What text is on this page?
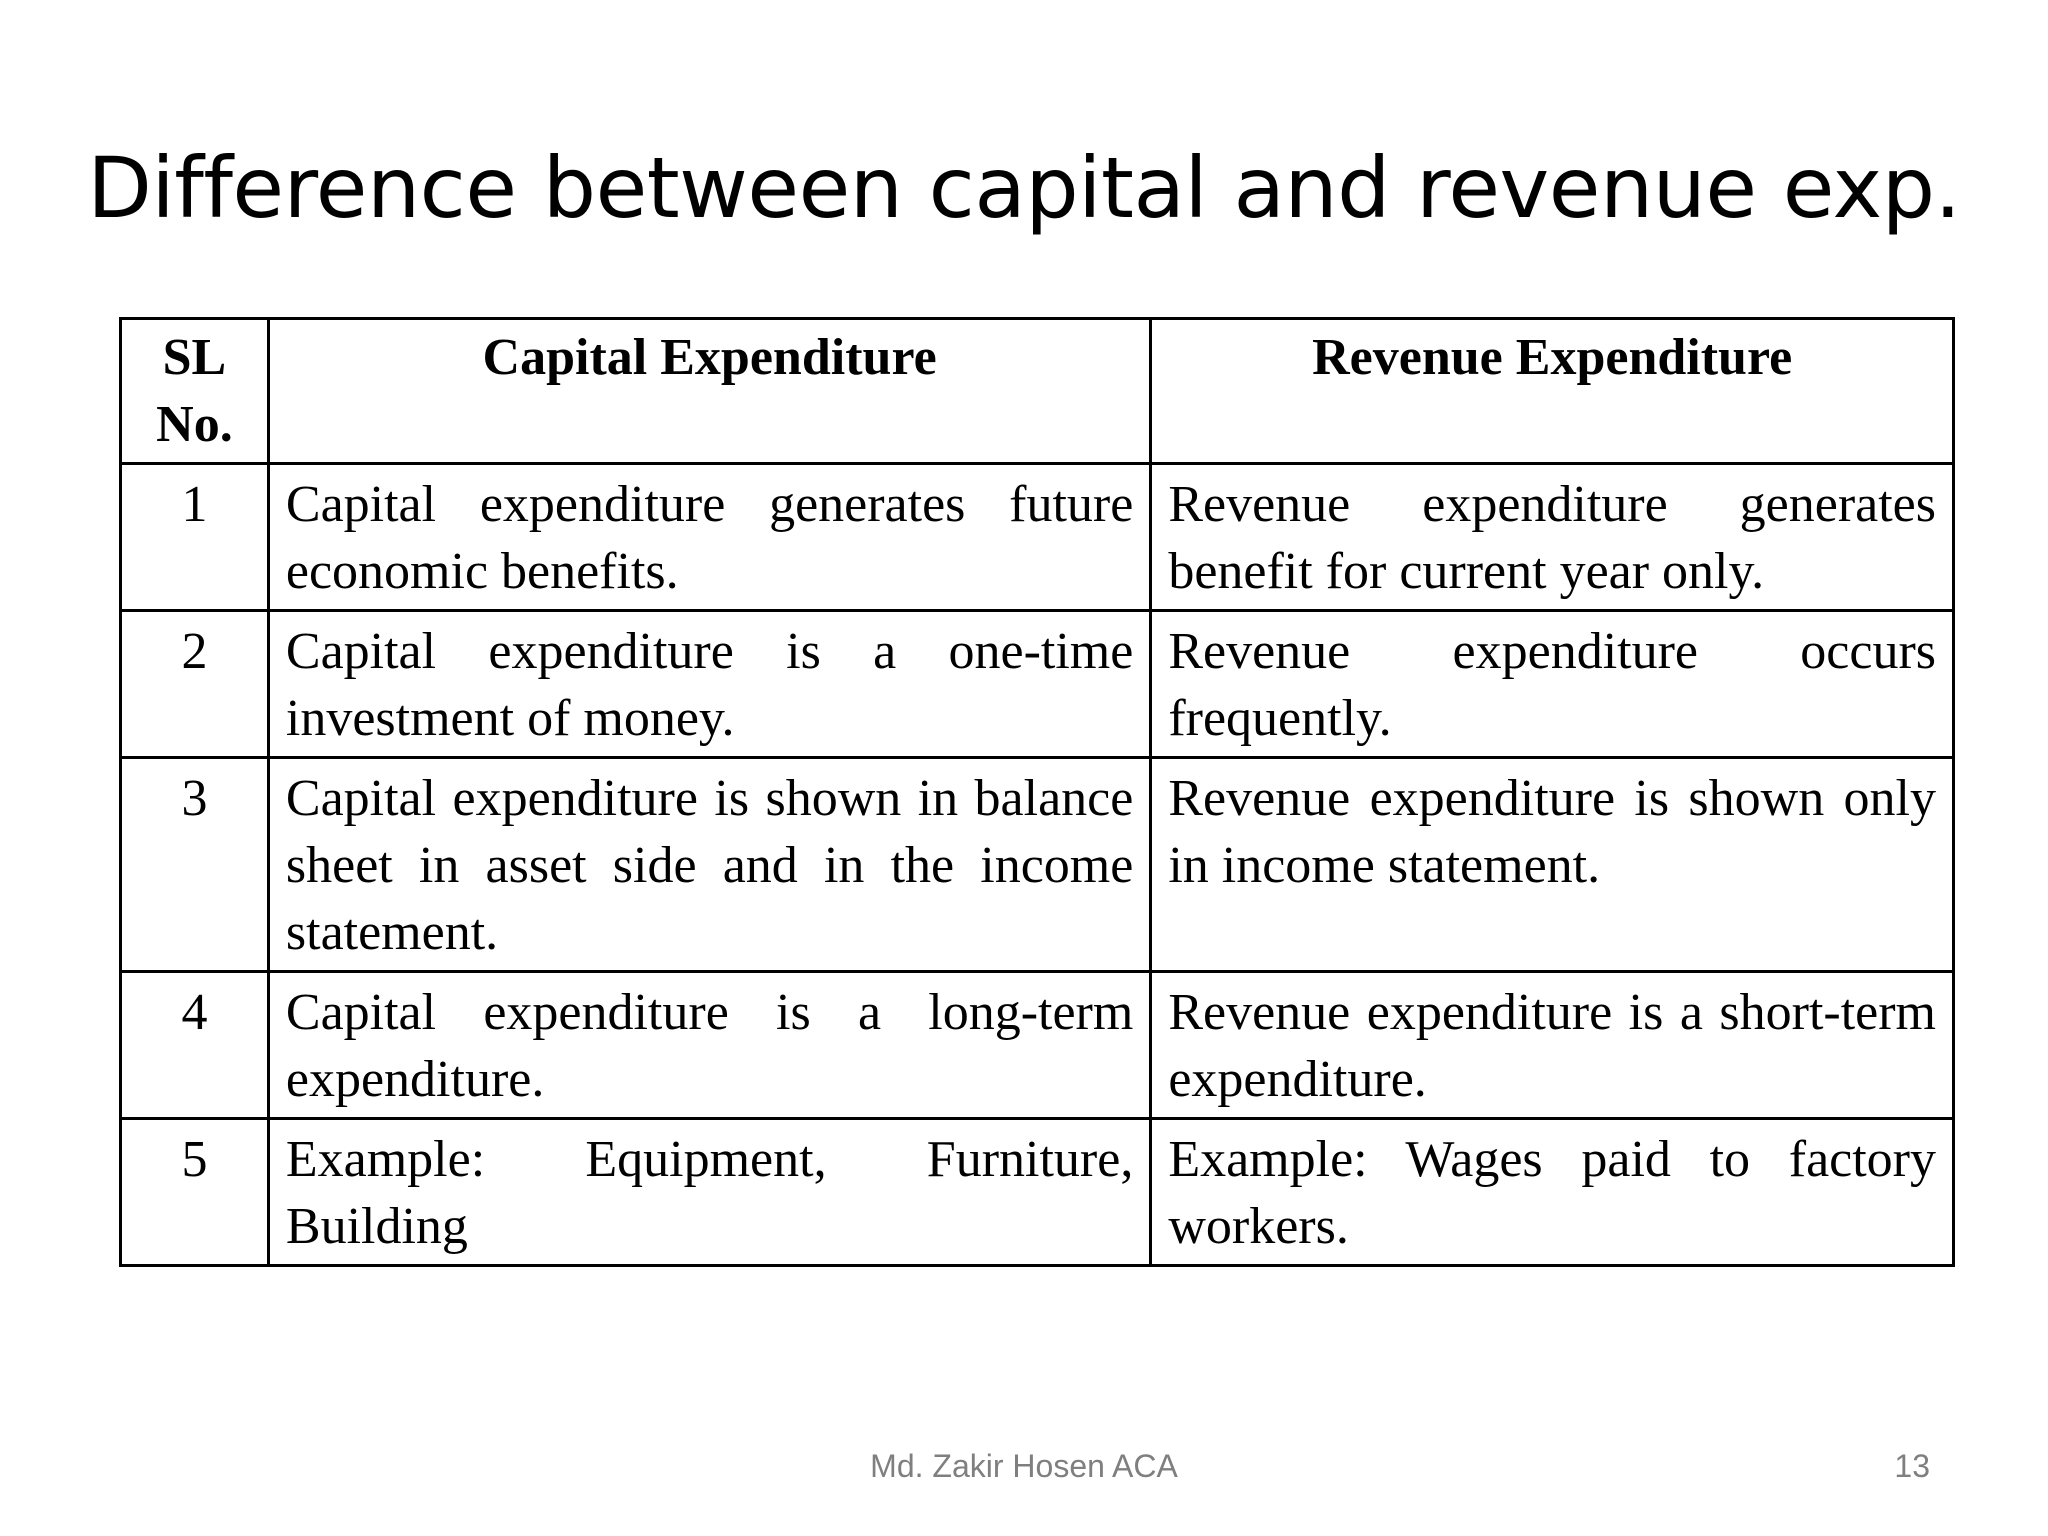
Difference between capital and revenue exp.
SL
No.	Capital Expenditure	Revenue Expenditure
1	Capital expenditure generates future economic benefits.	Revenue expenditure generates benefit for current year only.
2	Capital expenditure is a one-time investment of money.	Revenue expenditure occurs frequently.
3	Capital expenditure is shown in balance sheet in asset side and in the income statement.	Revenue expenditure is shown only in income statement.
4	Capital expenditure is a long-term expenditure.	Revenue expenditure is a short-term expenditure.
5	Example: Equipment, Furniture, Building	Example: Wages paid to factory workers.
Md. Zakir Hosen ACA	13
